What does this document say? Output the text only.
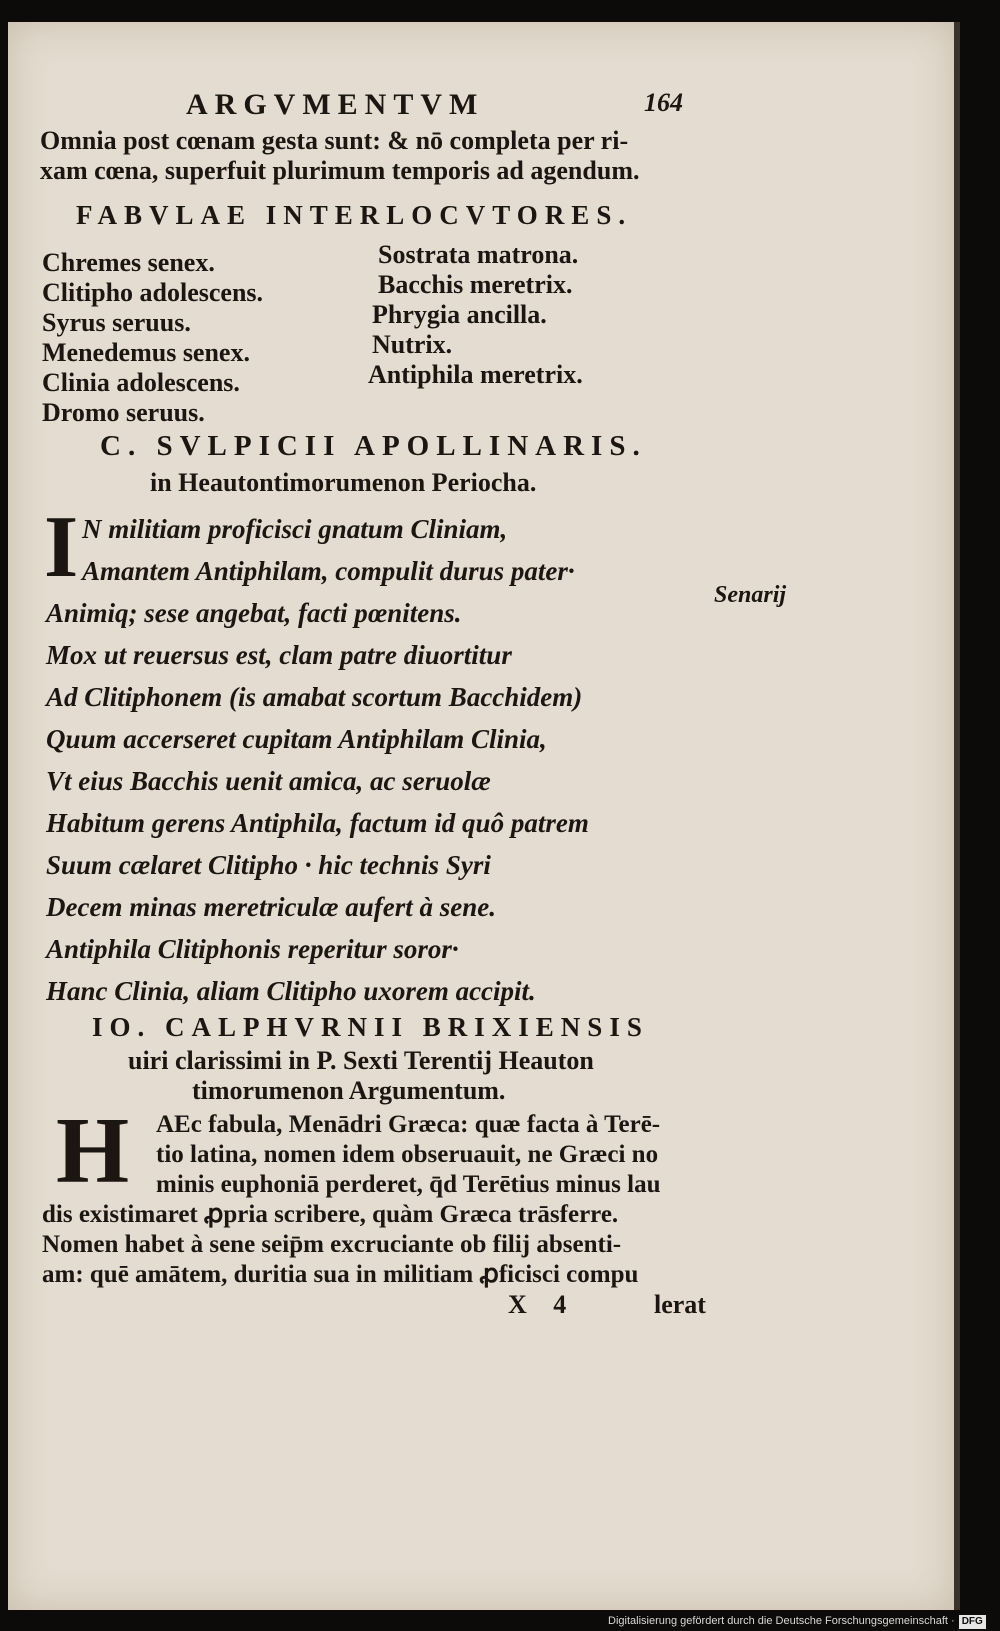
ARGVMENTVM	164
Omnia post cœnam gesta sunt: & nō completa per ri-
xam cœna, superfuit plurimum temporis ad agendum.
FABVLAE INTERLOCVTORES.
Chremes senex.
Clitipho adolescens.
Syrus seruus.
Menedemus senex.
Clinia adolescens.
Dromo seruus.
Sostrata matrona.
Bacchis meretrix.
Phrygia ancilla.
Nutrix.
Antiphila meretrix.
C. SVLPICII APOLLINARIS.
in Heautontimorumenon Periocha.
I	Senarij
N militiam proficisci gnatum Cliniam,
Amantem Antiphilam, compulit durus pater·
Animiq; sese angebat, facti pœnitens.
Mox ut reuersus est, clam patre diuortitur
Ad Clitiphonem (is amabat scortum Bacchidem)
Quum accerseret cupitam Antiphilam Clinia,
Vt eius Bacchis uenit amica, ac seruolæ
Habitum gerens Antiphila, factum id quô patrem
Suum cælaret Clitipho · hic technis Syri
Decem minas meretriculæ aufert à sene.
Antiphila Clitiphonis reperitur soror·
Hanc Clinia, aliam Clitipho uxorem accipit.
IO. CALPHVRNII BRIXIENSIS
uiri clarissimi in P. Sexti Terentij Heauton
timorumenon Argumentum.
H AEc fabula, Menādri Græca: quæ facta à Terē-
tio latina, nomen idem obseruauit, ne Græci no
minis euphoniā perderet, q̄d Terētius minus lau
dis existimaret ꝓpria scribere, quàm Græca trāsferre.
Nomen habet à sene seip̄m excruciante ob filij absenti-
am: quē amātem, duritia sua in militiam ꝓficisci compu
X 4	lerat
Digitalisierung gefördert durch die Deutsche Forschungsgemeinschaft · DFG
